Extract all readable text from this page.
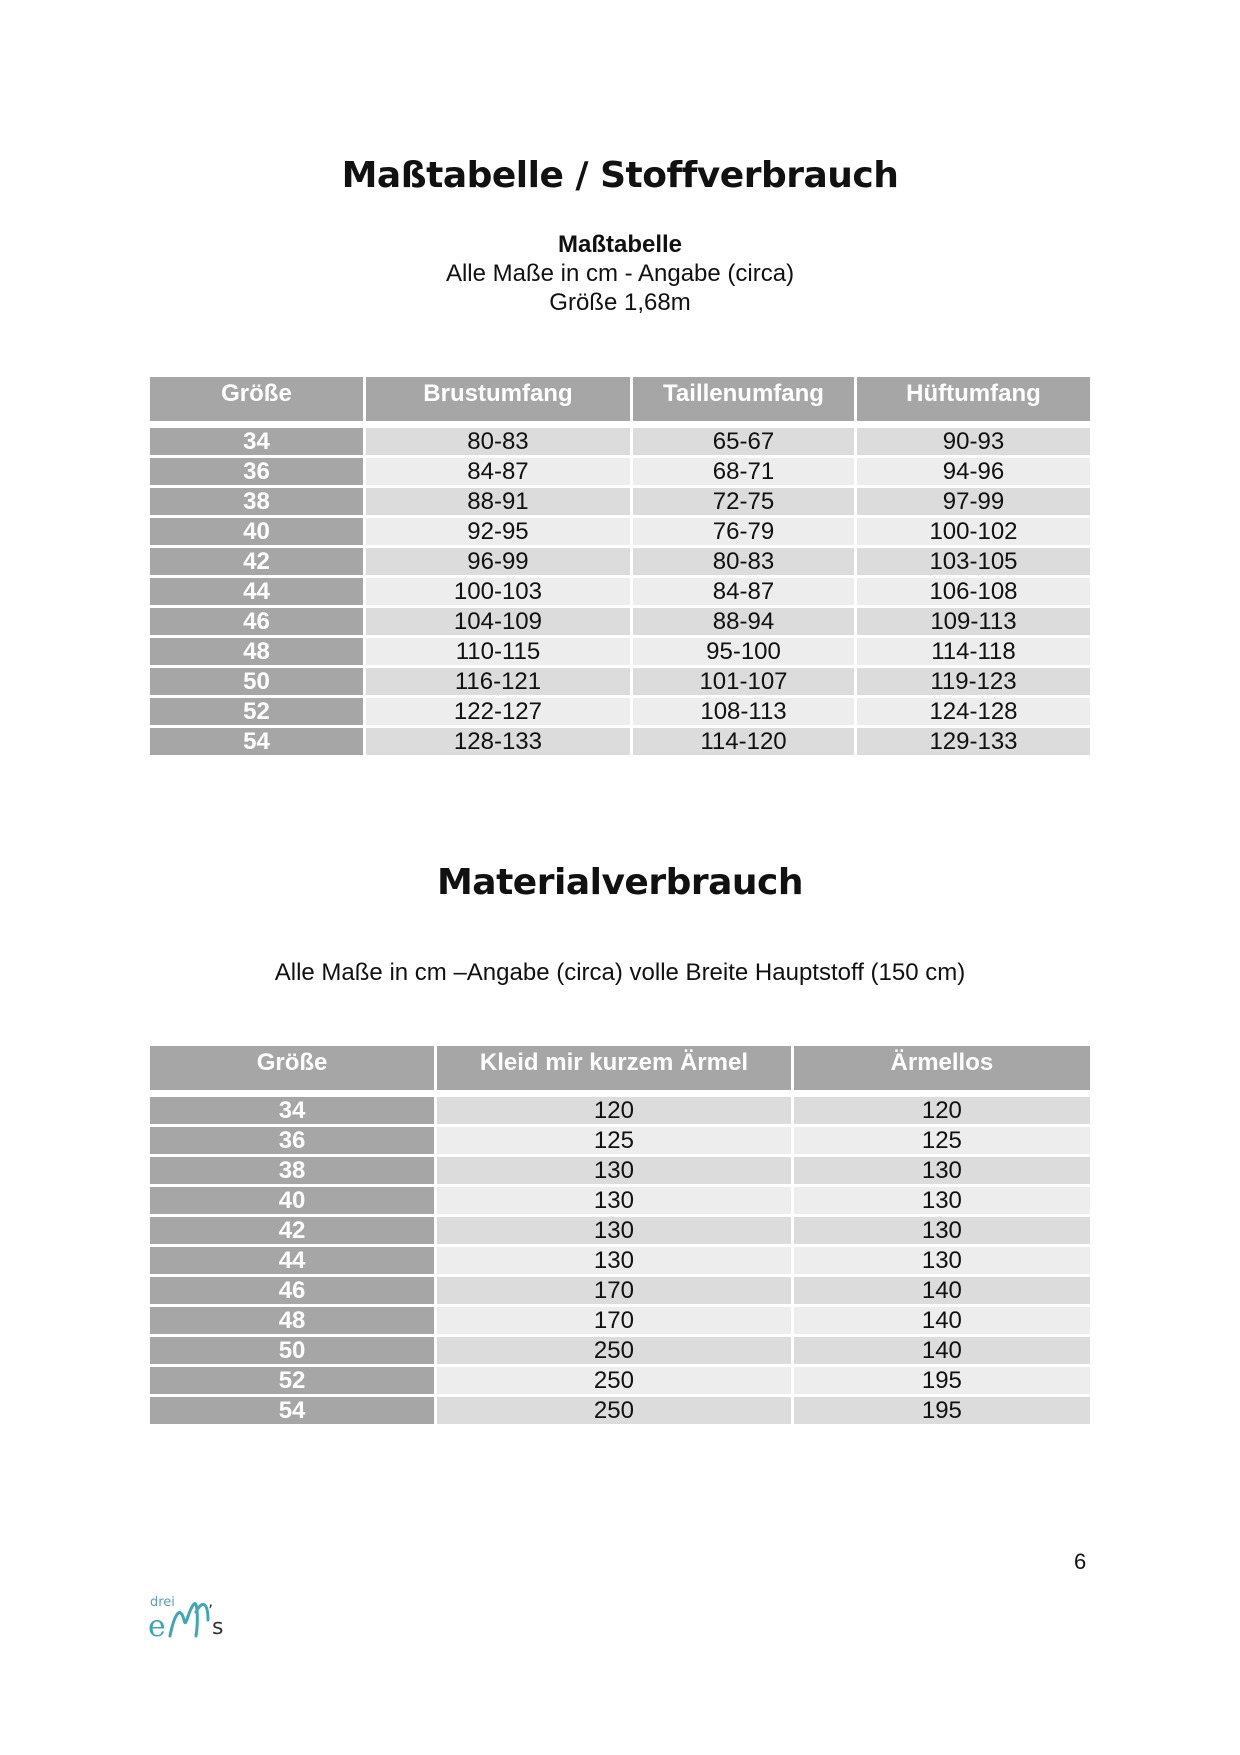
Maßtabelle / Stoffverbrauch
Maßtabelle
Alle Maße in cm - Angabe (circa)
Größe 1,68m
Größe	Brustumfang	Taillenumfang	Hüftumfang
34	80-83	65-67	90-93
36	84-87	68-71	94-96
38	88-91	72-75	97-99
40	92-95	76-79	100-102
42	96-99	80-83	103-105
44	100-103	84-87	106-108
46	104-109	88-94	109-113
48	110-115	95-100	114-118
50	116-121	101-107	119-123
52	122-127	108-113	124-128
54	128-133	114-120	129-133
Materialverbrauch
Alle Maße in cm –Angabe (circa) volle Breite Hauptstoff (150 cm)
Größe	Kleid mir kurzem Ärmel	Ärmellos
34	120	120
36	125	125
38	130	130
40	130	130
42	130	130
44	130	130
46	170	140
48	170	140
50	250	140
52	250	195
54	250	195
6
drei
e s
’
